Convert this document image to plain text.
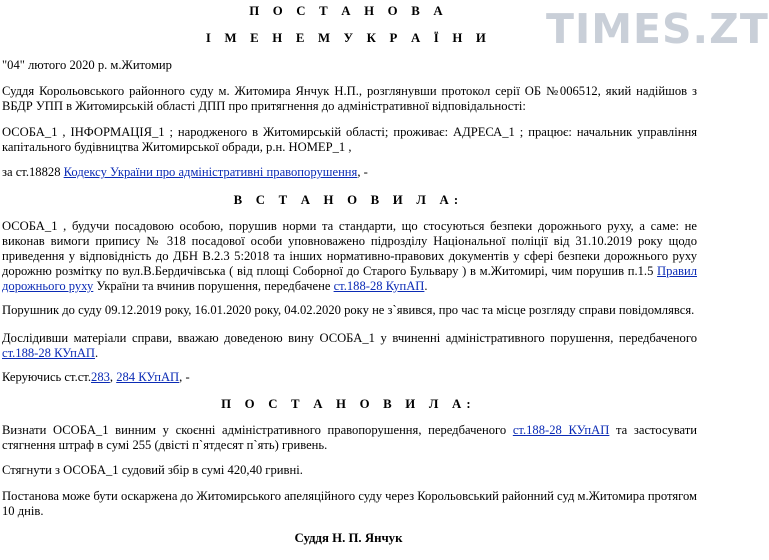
TIMES.ZT
П О С Т А Н О В А
І М Е Н Е М У К Р А Ї Н И
"04" лютого 2020 р. м.Житомир
Суддя Корольовського районного суду м. Житомира Янчук Н.П., розглянувши протокол серії ОБ №006512, який надійшов з ВБДР УПП в Житомирській області ДПП про притягнення до адміністративної відповідальності:
ОСОБА_1 , ІНФОРМАЦІЯ_1 ; народженого в Житомирській області; проживає: АДРЕСА_1 ; працює: начальник управління капітального будівництва Житомирської обради, р.н. НОМЕР_1 ,
за ст.18828 Кодексу України про адміністративні правопорушення, -
В С Т А Н О В И Л А:
ОСОБА_1 , будучи посадовою особою, порушив норми та стандарти, що стосуються безпеки дорожнього руху, а саме: не виконав вимоги припису № 318 посадової особи уповноважено підрозділу Національної поліції від 31.10.2019 року щодо приведення у відповідність до ДБН В.2.3 5:2018 та інших нормативно-правових документів у сфері безпеки дорожнього руху дорожню розмітку по вул.В.Бердичівська ( від площі Соборної до Старого Бульвару ) в м.Житомирі, чим порушив п.1.5 Правил дорожнього руху України та вчинив порушення, передбачене ст.188-28 КупАП.
Порушник до суду 09.12.2019 року, 16.01.2020 року, 04.02.2020 року не з`явився, про час та місце розгляду справи повідомлявся.
Дослідивши матеріали справи, вважаю доведеною вину ОСОБА_1 у вчиненні адміністративного порушення, передбаченого ст.188-28 КУпАП.
Керуючись ст.ст.283, 284 КУпАП, -
П О С Т А Н О В И Л А:
Визнати ОСОБА_1 винним у скоєнні адміністративного правопорушення, передбаченого ст.188-28 КУпАП та застосувати стягнення штраф в сумі 255 (двісті п`ятдесят п`ять) гривень.
Стягнути з ОСОБА_1 судовий збір в сумі 420,40 гривні.
Постанова може бути оскаржена до Житомирського апеляційного суду через Корольовський районний суд м.Житомира протягом 10 днів.
Суддя Н. П. Янчук
